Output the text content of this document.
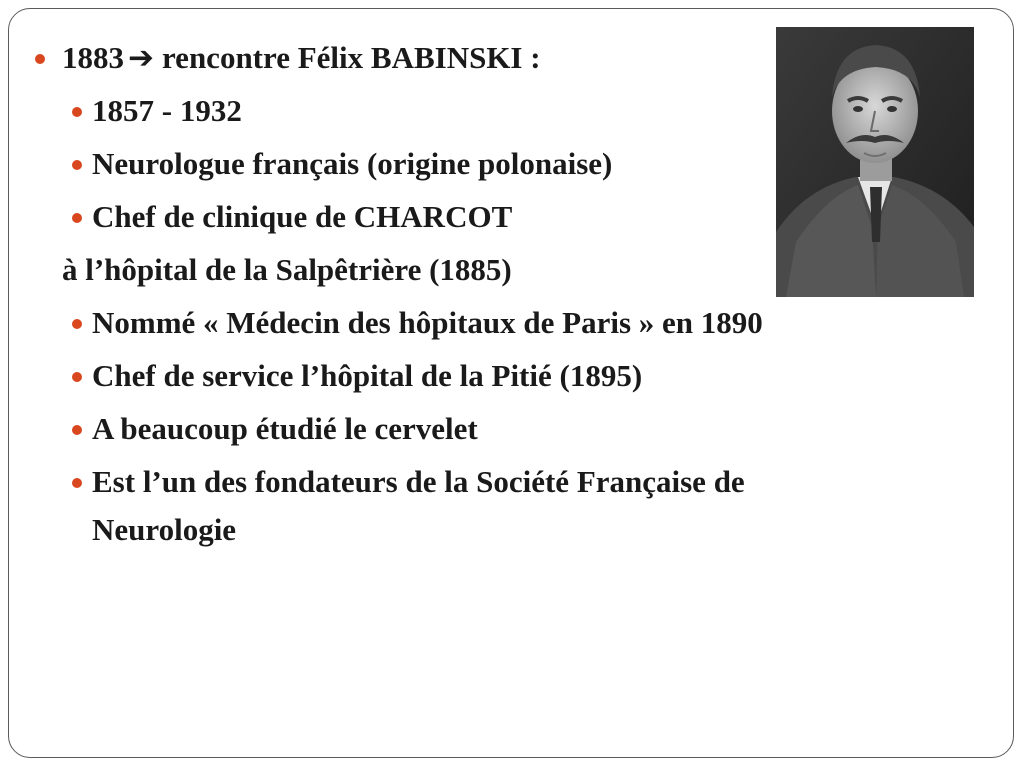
1883 ➔ rencontre Félix BABINSKI :
1857 - 1932
Neurologue français (origine polonaise)
Chef de clinique de CHARCOT
à l’hôpital de la Salpêtrière (1885)
Nommé « Médecin des hôpitaux de Paris » en 1890
Chef de service l’hôpital de la Pitié (1895)
A beaucoup étudié le cervelet
Est l’un des fondateurs de la Société Française de
Neurologie
